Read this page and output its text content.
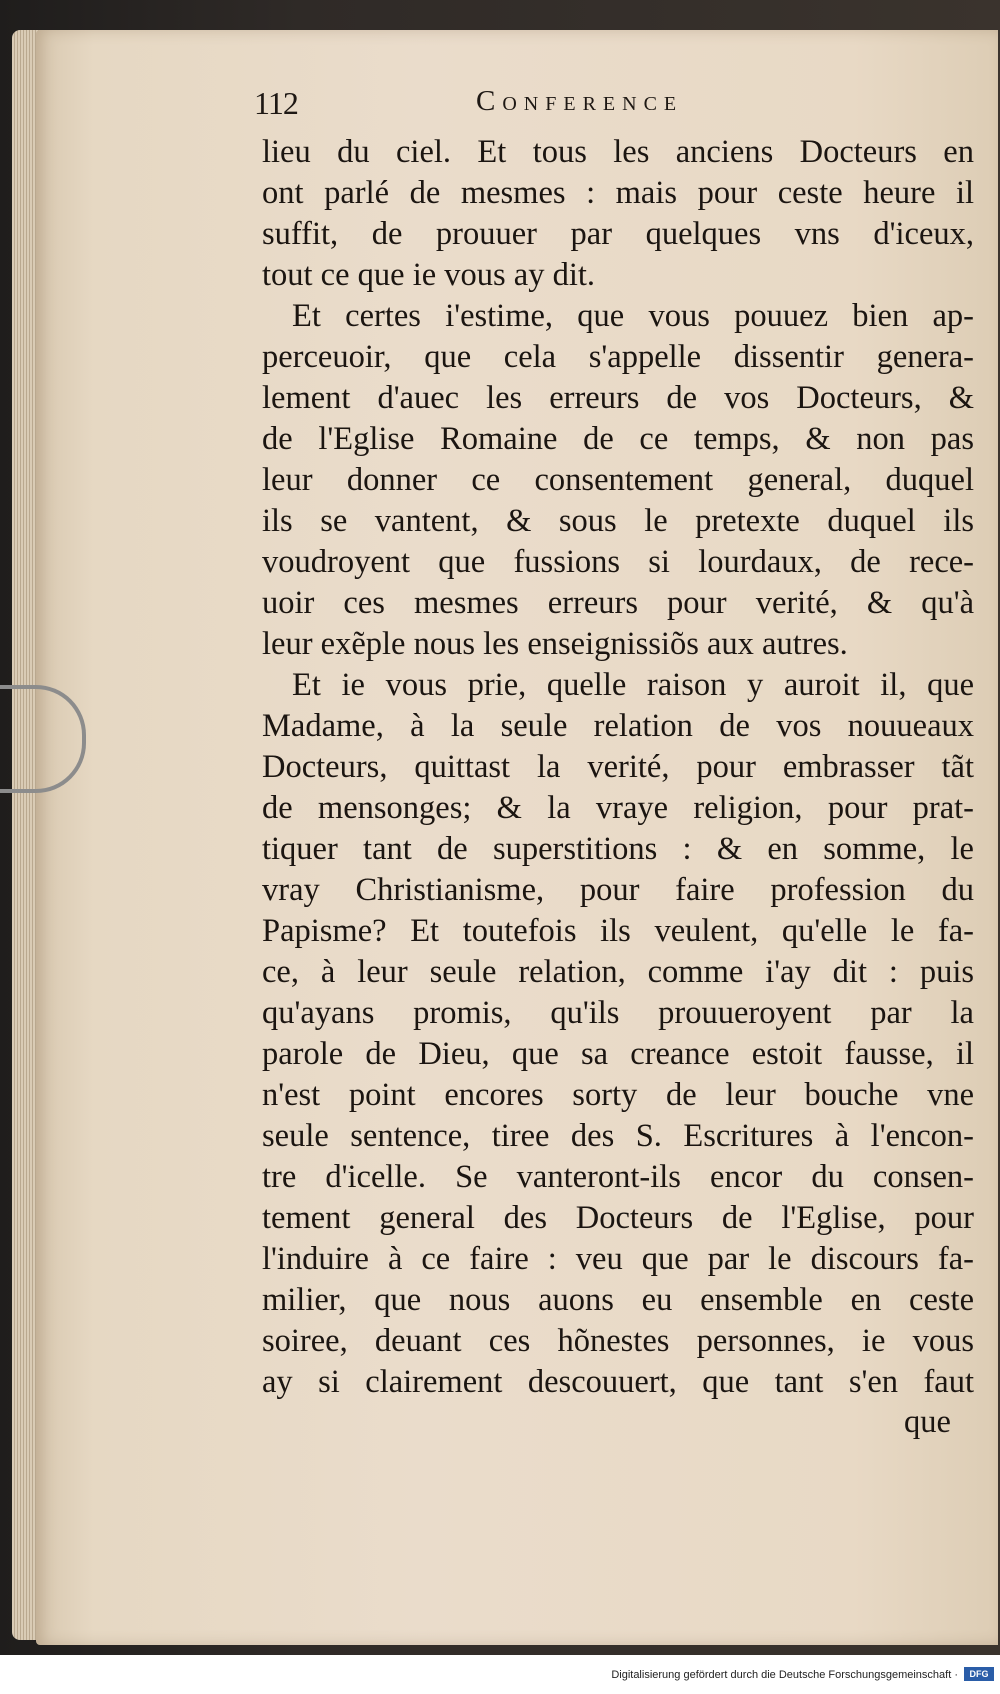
112	Conference
lieu du ciel. Et tous les anciens Docteurs en
ont parlé de mesmes : mais pour ceste heure il
suffit, de prouuer par quelques vns d'iceux,
tout ce que ie vous ay dit.
Et certes i'estime, que vous pouuez bien ap-
perceuoir, que cela s'appelle dissentir genera-
lement d'auec les erreurs de vos Docteurs, &
de l'Eglise Romaine de ce temps, & non pas
leur donner ce consentement general, duquel
ils se vantent, & sous le pretexte duquel ils
voudroyent que fussions si lourdaux, de rece-
uoir ces mesmes erreurs pour verité, & qu'à
leur exẽple nous les enseignissiõs aux autres.
Et ie vous prie, quelle raison y auroit il, que
Madame, à la seule relation de vos nouueaux
Docteurs, quittast la verité, pour embrasser tãt
de mensonges; & la vraye religion, pour prat-
tiquer tant de superstitions : & en somme, le
vray Christianisme, pour faire profession du
Papisme? Et toutefois ils veulent, qu'elle le fa-
ce, à leur seule relation, comme i'ay dit : puis
qu'ayans promis, qu'ils prouueroyent par la
parole de Dieu, que sa creance estoit fausse, il
n'est point encores sorty de leur bouche vne
seule sentence, tiree des S. Escritures à l'encon-
tre d'icelle. Se vanteront-ils encor du consen-
tement general des Docteurs de l'Eglise, pour
l'induire à ce faire : veu que par le discours fa-
milier, que nous auons eu ensemble en ceste
soiree, deuant ces hõnestes personnes, ie vous
ay si clairement descouuert, que tant s'en faut
que
Digitalisierung gefördert durch die Deutsche Forschungsgemeinschaft ·	DFG
